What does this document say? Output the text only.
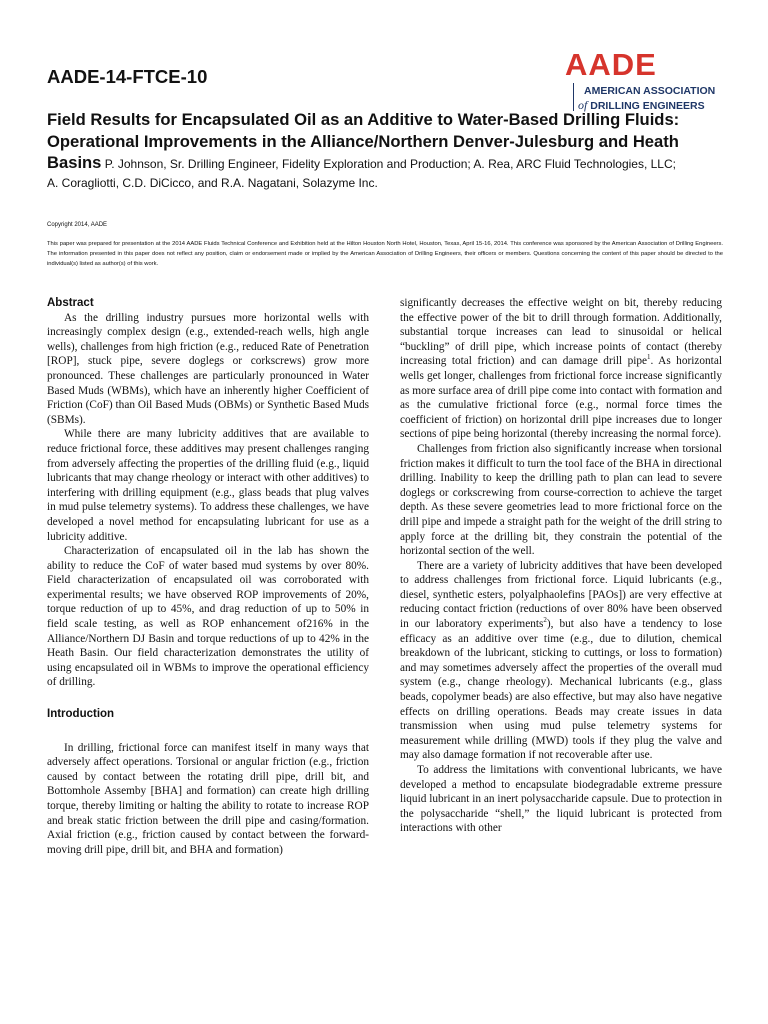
AADE-14-FTCE-10	AADE
AMERICAN ASSOCIATION
of DRILLING ENGINEERS
Field Results for Encapsulated Oil as an Additive to Water-Based Drilling Fluids: Operational Improvements in the Alliance/Northern Denver-Julesburg and Heath Basins P. Johnson, Sr. Drilling Engineer, Fidelity Exploration and Production; A. Rea, ARC Fluid Technologies, LLC;
A. Coragliotti, C.D. DiCicco, and R.A. Nagatani, Solazyme Inc.
Copyright 2014, AADE
This paper was prepared for presentation at the 2014 AADE Fluids Technical Conference and Exhibition held at the Hilton Houston North Hotel, Houston, Texas, April 15-16, 2014. This conference was sponsored by the American Association of Drilling Engineers. The information presented in this paper does not reflect any position, claim or endorsement made or implied by the American Association of Drilling Engineers, their officers or members. Questions concerning the content of this paper should be directed to the individual(s) listed as author(s) of this work.
Abstract

As the drilling industry pursues more horizontal wells with increasingly complex design (e.g., extended-reach wells, high angle wells), challenges from high friction (e.g., reduced Rate of Penetration [ROP], stuck pipe, severe doglegs or corkscrews) grow more pronounced. These challenges are particularly pronounced in Water Based Muds (WBMs), which have an inherently higher Coefficient of Friction (CoF) than Oil Based Muds (OBMs) or Synthetic Based Muds (SBMs).

While there are many lubricity additives that are available to reduce frictional force, these additives may present challenges ranging from adversely affecting the properties of the drilling fluid (e.g., liquid lubricants that may change rheology or interact with other additives) to interfering with drilling equipment (e.g., glass beads that plug valves in mud pulse telemetry systems). To address these challenges, we have developed a novel method for encapsulating lubricant for use as a lubricity additive.

Characterization of encapsulated oil in the lab has shown the ability to reduce the CoF of water based mud systems by over 80%. Field characterization of encapsulated oil was corroborated with experimental results; we have observed ROP improvements of 20%, torque reduction of up to 45%, and drag reduction of up to 50% in field scale testing, as well as ROP enhancement of216% in the Alliance/Northern DJ Basin and torque reductions of up to 42% in the Heath Basin. Our field characterization demonstrates the utility of using encapsulated oil in WBMs to improve the operational efficiency of drilling.

Introduction

In drilling, frictional force can manifest itself in many ways that adversely affect operations. Torsional or angular friction (e.g., friction caused by contact between the rotating drill pipe, drill bit, and Bottomhole Assemby [BHA] and formation) can create high drilling torque, thereby limiting or halting the ability to rotate to increase ROP and break static friction between the drill pipe and casing/formation. Axial friction (e.g., friction caused by contact between the forward-moving drill pipe, drill bit, and BHA and formation)

significantly decreases the effective weight on bit, thereby reducing the effective power of the bit to drill through formation. Additionally, substantial torque increases can lead to sinusoidal or helical “buckling” of drill pipe, which increase points of contact (thereby increasing total friction) and can damage drill pipe$^1$. As horizontal wells get longer, challenges from frictional force increase significantly as more surface area of drill pipe come into contact with formation and as the cumulative frictional force (e.g., normal force times the coefficient of friction) on horizontal drill pipe increases due to longer sections of pipe being horizontal (thereby increasing the normal force).

Challenges from friction also significantly increase when torsional friction makes it difficult to turn the tool face of the BHA in directional drilling. Inability to keep the drilling path to plan can lead to severe doglegs or corkscrewing from course-correction to achieve the target depth. As these severe geometries lead to more frictional force on the drill pipe and impede a straight path for the weight of the drill string to apply force at the drilling bit, they constrain the potential of the horizontal section of the well.

There are a variety of lubricity additives that have been developed to address challenges from frictional force. Liquid lubricants (e.g., diesel, synthetic esters, polyalphaolefins [PAOs]) are very effective at reducing contact friction (reductions of over 80% have been observed in our laboratory experiments$^2$), but also have a tendency to lose efficacy as an additive over time (e.g., due to dilution, chemical breakdown of the lubricant, sticking to cuttings, or loss to formation) and may sometimes adversely affect the properties of the overall mud system (e.g., change rheology). Mechanical lubricants (e.g., glass beads, copolymer beads) are also effective, but may also have negative effects on drilling operations. Beads may create issues in data transmission when using mud pulse telemetry systems for measurement while drilling (MWD) tools if they plug the valve and may also damage formation if not recoverable after use.

To address the limitations with conventional lubricants, we have developed a method to encapsulate biodegradable extreme pressure liquid lubricant in an inert polysaccharide capsule. Due to protection in the polysaccharide “shell,” the liquid lubricant is protected from interactions with other
